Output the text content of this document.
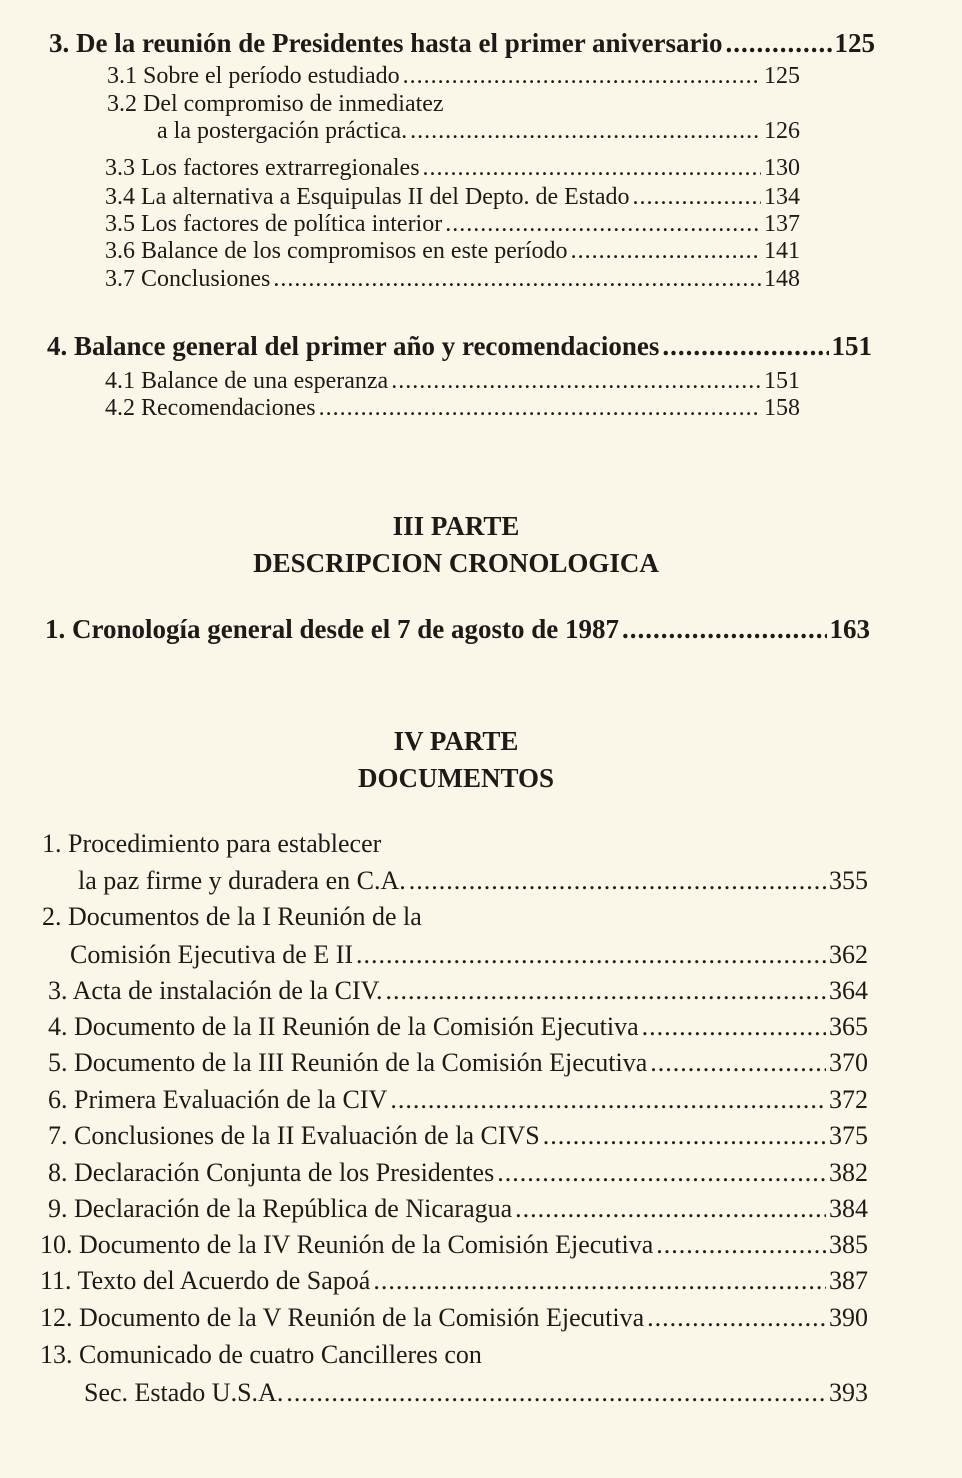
3. De la reunión de Presidentes hasta el primer aniversario .....	125
3.1 Sobre el período estudiado .....	125
3.2 Del compromiso de inmediatez
a la postergación práctica. .....	126
3.3 Los factores extrarregionales .....	130
3.4 La alternativa a Esquipulas II del Depto. de Estado .....	134
3.5 Los factores de política interior .....	137
3.6 Balance de los compromisos en este período .....	141
3.7 Conclusiones .....	148
4. Balance general del primer año y recomendaciones .....	151
4.1 Balance de una esperanza .....	151
4.2 Recomendaciones .....	158
III PARTE
DESCRIPCION CRONOLOGICA
1. Cronología general desde el 7 de agosto de 1987 .....	163
IV PARTE
DOCUMENTOS
1. Procedimiento para establecer
la paz firme y duradera en C.A. .....	355
2. Documentos de la I Reunión de la
Comisión Ejecutiva de E II .....	362
3. Acta de instalación de la CIV. .....	364
4. Documento de la II Reunión de la Comisión Ejecutiva .....	365
5. Documento de la III Reunión de la Comisión Ejecutiva .....	370
6. Primera Evaluación de la CIV .....	372
7. Conclusiones de la II Evaluación de la CIVS .....	375
8. Declaración Conjunta de los Presidentes .....	382
9. Declaración de la República de Nicaragua .....	384
10. Documento de la IV Reunión de la Comisión Ejecutiva .....	385
11. Texto del Acuerdo de Sapoá .....	387
12. Documento de la V Reunión de la Comisión Ejecutiva .....	390
13. Comunicado de cuatro Cancilleres con
Sec. Estado U.S.A. .....	393
